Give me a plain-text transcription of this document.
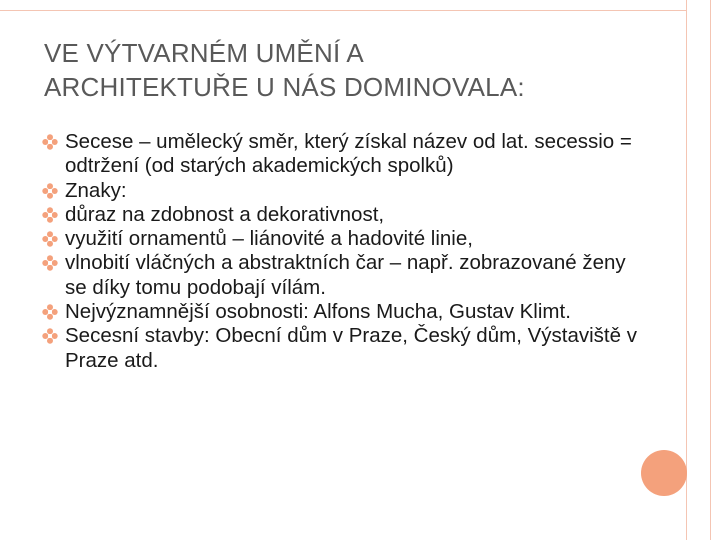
VE VÝTVARNÉM UMĚNÍ A
ARCHITEKTUŘE U NÁS DOMINOVALA:
Secese – umělecký směr, který získal název od lat. secessio = odtržení (od starých akademických spolků)
Znaky:
důraz na zdobnost a dekorativnost,
využití ornamentů – liánovité a hadovité linie,
vlnobití vláčných a abstraktních čar – např. zobrazované ženy se díky tomu podobají vílám.
Nejvýznamnější osobnosti: Alfons Mucha, Gustav Klimt.
Secesní stavby: Obecní dům v Praze, Český dům, Výstaviště v Praze atd.
